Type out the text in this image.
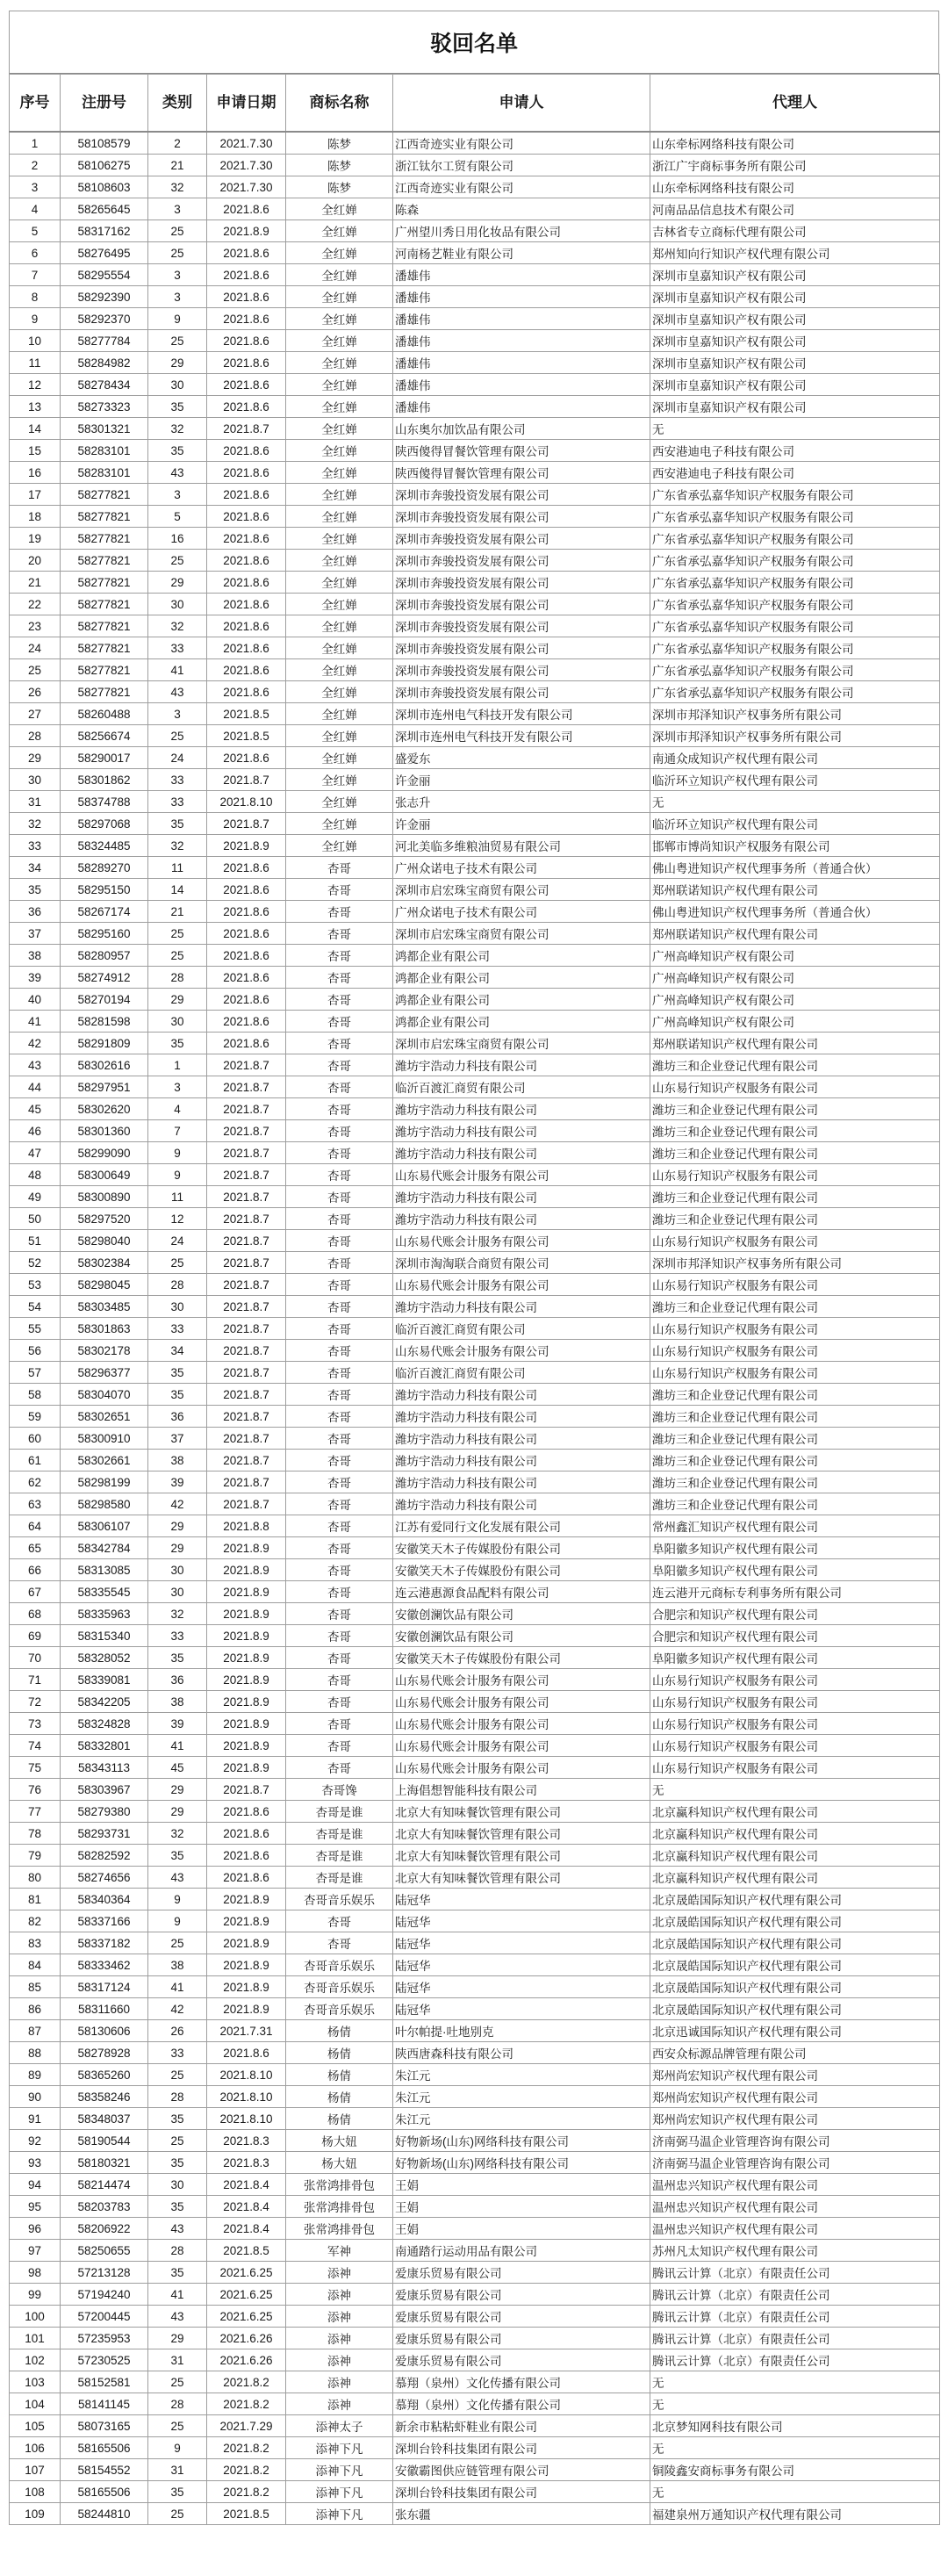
驳回名单
序号	注册号	类别	申请日期	商标名称	申请人	代理人
1	58108579	2	2021.7.30	陈梦	江西奇迹实业有限公司	山东牵标网络科技有限公司
2	58106275	21	2021.7.30	陈梦	浙江钛尔工贸有限公司	浙江广宇商标事务所有限公司
3	58108603	32	2021.7.30	陈梦	江西奇迹实业有限公司	山东牵标网络科技有限公司
4	58265645	3	2021.8.6	全红婵	陈森	河南品品信息技术有限公司
5	58317162	25	2021.8.9	全红婵	广州望川秀日用化妆品有限公司	吉林省专立商标代理有限公司
6	58276495	25	2021.8.6	全红婵	河南杨艺鞋业有限公司	郑州知向行知识产权代理有限公司
7	58295554	3	2021.8.6	全红婵	潘雄伟	深圳市皇嘉知识产权有限公司
8	58292390	3	2021.8.6	全红婵	潘雄伟	深圳市皇嘉知识产权有限公司
9	58292370	9	2021.8.6	全红婵	潘雄伟	深圳市皇嘉知识产权有限公司
10	58277784	25	2021.8.6	全红婵	潘雄伟	深圳市皇嘉知识产权有限公司
11	58284982	29	2021.8.6	全红婵	潘雄伟	深圳市皇嘉知识产权有限公司
12	58278434	30	2021.8.6	全红婵	潘雄伟	深圳市皇嘉知识产权有限公司
13	58273323	35	2021.8.6	全红婵	潘雄伟	深圳市皇嘉知识产权有限公司
14	58301321	32	2021.8.7	全红婵	山东奥尔加饮品有限公司	无
15	58283101	35	2021.8.6	全红婵	陕西傻得冒餐饮管理有限公司	西安港迪电子科技有限公司
16	58283101	43	2021.8.6	全红婵	陕西傻得冒餐饮管理有限公司	西安港迪电子科技有限公司
17	58277821	3	2021.8.6	全红婵	深圳市奔骏投资发展有限公司	广东省承弘嘉华知识产权服务有限公司
18	58277821	5	2021.8.6	全红婵	深圳市奔骏投资发展有限公司	广东省承弘嘉华知识产权服务有限公司
19	58277821	16	2021.8.6	全红婵	深圳市奔骏投资发展有限公司	广东省承弘嘉华知识产权服务有限公司
20	58277821	25	2021.8.6	全红婵	深圳市奔骏投资发展有限公司	广东省承弘嘉华知识产权服务有限公司
21	58277821	29	2021.8.6	全红婵	深圳市奔骏投资发展有限公司	广东省承弘嘉华知识产权服务有限公司
22	58277821	30	2021.8.6	全红婵	深圳市奔骏投资发展有限公司	广东省承弘嘉华知识产权服务有限公司
23	58277821	32	2021.8.6	全红婵	深圳市奔骏投资发展有限公司	广东省承弘嘉华知识产权服务有限公司
24	58277821	33	2021.8.6	全红婵	深圳市奔骏投资发展有限公司	广东省承弘嘉华知识产权服务有限公司
25	58277821	41	2021.8.6	全红婵	深圳市奔骏投资发展有限公司	广东省承弘嘉华知识产权服务有限公司
26	58277821	43	2021.8.6	全红婵	深圳市奔骏投资发展有限公司	广东省承弘嘉华知识产权服务有限公司
27	58260488	3	2021.8.5	全红婵	深圳市连州电气科技开发有限公司	深圳市邦泽知识产权事务所有限公司
28	58256674	25	2021.8.5	全红婵	深圳市连州电气科技开发有限公司	深圳市邦泽知识产权事务所有限公司
29	58290017	24	2021.8.6	全红婵	盛爱东	南通众成知识产权代理有限公司
30	58301862	33	2021.8.7	全红婵	许金丽	临沂环立知识产权代理有限公司
31	58374788	33	2021.8.10	全红婵	张志升	无
32	58297068	35	2021.8.7	全红婵	许金丽	临沂环立知识产权代理有限公司
33	58324485	32	2021.8.9	全红婵	河北美临多维粮油贸易有限公司	邯郸市博尚知识产权服务有限公司
34	58289270	11	2021.8.6	杏哥	广州众诺电子技术有限公司	佛山粤进知识产权代理事务所（普通合伙）
35	58295150	14	2021.8.6	杏哥	深圳市启宏珠宝商贸有限公司	郑州联诺知识产权代理有限公司
36	58267174	21	2021.8.6	杏哥	广州众诺电子技术有限公司	佛山粤进知识产权代理事务所（普通合伙）
37	58295160	25	2021.8.6	杏哥	深圳市启宏珠宝商贸有限公司	郑州联诺知识产权代理有限公司
38	58280957	25	2021.8.6	杏哥	鸿都企业有限公司	广州高峰知识产权有限公司
39	58274912	28	2021.8.6	杏哥	鸿都企业有限公司	广州高峰知识产权有限公司
40	58270194	29	2021.8.6	杏哥	鸿都企业有限公司	广州高峰知识产权有限公司
41	58281598	30	2021.8.6	杏哥	鸿都企业有限公司	广州高峰知识产权有限公司
42	58291809	35	2021.8.6	杏哥	深圳市启宏珠宝商贸有限公司	郑州联诺知识产权代理有限公司
43	58302616	1	2021.8.7	杏哥	潍坊宇浩动力科技有限公司	潍坊三和企业登记代理有限公司
44	58297951	3	2021.8.7	杏哥	临沂百渡汇商贸有限公司	山东易行知识产权服务有限公司
45	58302620	4	2021.8.7	杏哥	潍坊宇浩动力科技有限公司	潍坊三和企业登记代理有限公司
46	58301360	7	2021.8.7	杏哥	潍坊宇浩动力科技有限公司	潍坊三和企业登记代理有限公司
47	58299090	9	2021.8.7	杏哥	潍坊宇浩动力科技有限公司	潍坊三和企业登记代理有限公司
48	58300649	9	2021.8.7	杏哥	山东易代账会计服务有限公司	山东易行知识产权服务有限公司
49	58300890	11	2021.8.7	杏哥	潍坊宇浩动力科技有限公司	潍坊三和企业登记代理有限公司
50	58297520	12	2021.8.7	杏哥	潍坊宇浩动力科技有限公司	潍坊三和企业登记代理有限公司
51	58298040	24	2021.8.7	杏哥	山东易代账会计服务有限公司	山东易行知识产权服务有限公司
52	58302384	25	2021.8.7	杏哥	深圳市淘淘联合商贸有限公司	深圳市邦泽知识产权事务所有限公司
53	58298045	28	2021.8.7	杏哥	山东易代账会计服务有限公司	山东易行知识产权服务有限公司
54	58303485	30	2021.8.7	杏哥	潍坊宇浩动力科技有限公司	潍坊三和企业登记代理有限公司
55	58301863	33	2021.8.7	杏哥	临沂百渡汇商贸有限公司	山东易行知识产权服务有限公司
56	58302178	34	2021.8.7	杏哥	山东易代账会计服务有限公司	山东易行知识产权服务有限公司
57	58296377	35	2021.8.7	杏哥	临沂百渡汇商贸有限公司	山东易行知识产权服务有限公司
58	58304070	35	2021.8.7	杏哥	潍坊宇浩动力科技有限公司	潍坊三和企业登记代理有限公司
59	58302651	36	2021.8.7	杏哥	潍坊宇浩动力科技有限公司	潍坊三和企业登记代理有限公司
60	58300910	37	2021.8.7	杏哥	潍坊宇浩动力科技有限公司	潍坊三和企业登记代理有限公司
61	58302661	38	2021.8.7	杏哥	潍坊宇浩动力科技有限公司	潍坊三和企业登记代理有限公司
62	58298199	39	2021.8.7	杏哥	潍坊宇浩动力科技有限公司	潍坊三和企业登记代理有限公司
63	58298580	42	2021.8.7	杏哥	潍坊宇浩动力科技有限公司	潍坊三和企业登记代理有限公司
64	58306107	29	2021.8.8	杏哥	江苏有爱同行文化发展有限公司	常州鑫汇知识产权代理有限公司
65	58342784	29	2021.8.9	杏哥	安徽笑天木子传媒股份有限公司	阜阳徽多知识产权代理有限公司
66	58313085	30	2021.8.9	杏哥	安徽笑天木子传媒股份有限公司	阜阳徽多知识产权代理有限公司
67	58335545	30	2021.8.9	杏哥	连云港惠源食品配料有限公司	连云港开元商标专利事务所有限公司
68	58335963	32	2021.8.9	杏哥	安徽创澜饮品有限公司	合肥宗和知识产权代理有限公司
69	58315340	33	2021.8.9	杏哥	安徽创澜饮品有限公司	合肥宗和知识产权代理有限公司
70	58328052	35	2021.8.9	杏哥	安徽笑天木子传媒股份有限公司	阜阳徽多知识产权代理有限公司
71	58339081	36	2021.8.9	杏哥	山东易代账会计服务有限公司	山东易行知识产权服务有限公司
72	58342205	38	2021.8.9	杏哥	山东易代账会计服务有限公司	山东易行知识产权服务有限公司
73	58324828	39	2021.8.9	杏哥	山东易代账会计服务有限公司	山东易行知识产权服务有限公司
74	58332801	41	2021.8.9	杏哥	山东易代账会计服务有限公司	山东易行知识产权服务有限公司
75	58343113	45	2021.8.9	杏哥	山东易代账会计服务有限公司	山东易行知识产权服务有限公司
76	58303967	29	2021.8.7	杏哥馋	上海倡想智能科技有限公司	无
77	58279380	29	2021.8.6	杏哥是谁	北京大有知味餐饮管理有限公司	北京赢科知识产权代理有限公司
78	58293731	32	2021.8.6	杏哥是谁	北京大有知味餐饮管理有限公司	北京赢科知识产权代理有限公司
79	58282592	35	2021.8.6	杏哥是谁	北京大有知味餐饮管理有限公司	北京赢科知识产权代理有限公司
80	58274656	43	2021.8.6	杏哥是谁	北京大有知味餐饮管理有限公司	北京赢科知识产权代理有限公司
81	58340364	9	2021.8.9	杏哥音乐娱乐	陆冠华	北京晟皓国际知识产权代理有限公司
82	58337166	9	2021.8.9	杏哥	陆冠华	北京晟皓国际知识产权代理有限公司
83	58337182	25	2021.8.9	杏哥	陆冠华	北京晟皓国际知识产权代理有限公司
84	58333462	38	2021.8.9	杏哥音乐娱乐	陆冠华	北京晟皓国际知识产权代理有限公司
85	58317124	41	2021.8.9	杏哥音乐娱乐	陆冠华	北京晟皓国际知识产权代理有限公司
86	58311660	42	2021.8.9	杏哥音乐娱乐	陆冠华	北京晟皓国际知识产权代理有限公司
87	58130606	26	2021.7.31	杨倩	叶尔帕提·吐地别克	北京迅诚国际知识产权代理有限公司
88	58278928	33	2021.8.6	杨倩	陕西唐森科技有限公司	西安众标源品牌管理有限公司
89	58365260	25	2021.8.10	杨倩	朱江元	郑州尚宏知识产权代理有限公司
90	58358246	28	2021.8.10	杨倩	朱江元	郑州尚宏知识产权代理有限公司
91	58348037	35	2021.8.10	杨倩	朱江元	郑州尚宏知识产权代理有限公司
92	58190544	25	2021.8.3	杨大妞	好物新场(山东)网络科技有限公司	济南弼马温企业管理咨询有限公司
93	58180321	35	2021.8.3	杨大妞	好物新场(山东)网络科技有限公司	济南弼马温企业管理咨询有限公司
94	58214474	30	2021.8.4	张常鸿排骨包	王娟	温州忠兴知识产权代理有限公司
95	58203783	35	2021.8.4	张常鸿排骨包	王娟	温州忠兴知识产权代理有限公司
96	58206922	43	2021.8.4	张常鸿排骨包	王娟	温州忠兴知识产权代理有限公司
97	58250655	28	2021.8.5	军神	南通踏行运动用品有限公司	苏州凡太知识产权代理有限公司
98	57213128	35	2021.6.25	添神	爱康乐贸易有限公司	腾讯云计算（北京）有限责任公司
99	57194240	41	2021.6.25	添神	爱康乐贸易有限公司	腾讯云计算（北京）有限责任公司
100	57200445	43	2021.6.25	添神	爱康乐贸易有限公司	腾讯云计算（北京）有限责任公司
101	57235953	29	2021.6.26	添神	爱康乐贸易有限公司	腾讯云计算（北京）有限责任公司
102	57230525	31	2021.6.26	添神	爱康乐贸易有限公司	腾讯云计算（北京）有限责任公司
103	58152581	25	2021.8.2	添神	慕翔（泉州）文化传播有限公司	无
104	58141145	28	2021.8.2	添神	慕翔（泉州）文化传播有限公司	无
105	58073165	25	2021.7.29	添神太子	新余市粘粘虾鞋业有限公司	北京梦知网科技有限公司
106	58165506	9	2021.8.2	添神下凡	深圳台铃科技集团有限公司	无
107	58154552	31	2021.8.2	添神下凡	安徽霸图供应链管理有限公司	铜陵鑫安商标事务有限公司
108	58165506	35	2021.8.2	添神下凡	深圳台铃科技集团有限公司	无
109	58244810	25	2021.8.5	添神下凡	张东疆	福建泉州万通知识产权代理有限公司
